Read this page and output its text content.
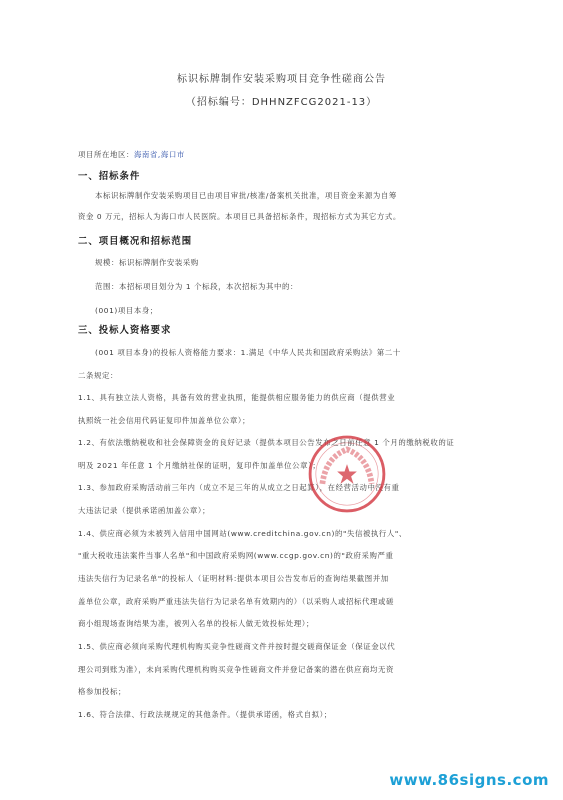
标识标牌制作安装采购项目竞争性磋商公告
（招标编号：DHHNZFCG2021-13）
项目所在地区：海南省,海口市
一、招标条件
本标识标牌制作安装采购项目已由项目审批/核准/备案机关批准，项目资金来源为自筹
资金 0 万元，招标人为海口市人民医院。本项目已具备招标条件，现招标方式为其它方式。
二、项目概况和招标范围
规模：标识标牌制作安装采购
范围：本招标项目划分为 1 个标段，本次招标为其中的：
(001)项目本身；
三、投标人资格要求
(001 项目本身)的投标人资格能力要求：1.满足《中华人民共和国政府采购法》第二十
二条规定：
1.1、具有独立法人资格，具备有效的营业执照，能提供相应服务能力的供应商（提供营业
执照统一社会信用代码证复印件加盖单位公章）；
1.2、有依法缴纳税收和社会保障资金的良好记录（提供本项目公告发布之日前任意 1 个月的缴纳税收的证
明及 2021 年任意 1 个月缴纳社保的证明，复印件加盖单位公章）；
1.3、参加政府采购活动前三年内（成立不足三年的从成立之日起算），在经营活动中没有重
大违法记录（提供承诺函加盖公章）；
1.4、供应商必须为未被列入信用中国网站(www.creditchina.gov.cn)的"失信被执行人"、
"重大税收违法案件当事人名单"和中国政府采购网(www.ccgp.gov.cn)的"政府采购严重
违法失信行为记录名单"的投标人（证明材料:提供本项目公告发布后的查询结果截图并加
盖单位公章，政府采购严重违法失信行为记录名单有效期内的）（以采购人或招标代理或磋
商小组现场查询结果为准，被列入名单的投标人做无效投标处理）；
1.5、供应商必须向采购代理机构购买竞争性磋商文件并按时提交磋商保证金（保证金以代
理公司到账为准），未向采购代理机构购买竞争性磋商文件并登记备案的潜在供应商均无资
格参加投标；
1.6、符合法律、行政法规规定的其他条件。（提供承诺函，格式自拟）；
www.86signs.com
